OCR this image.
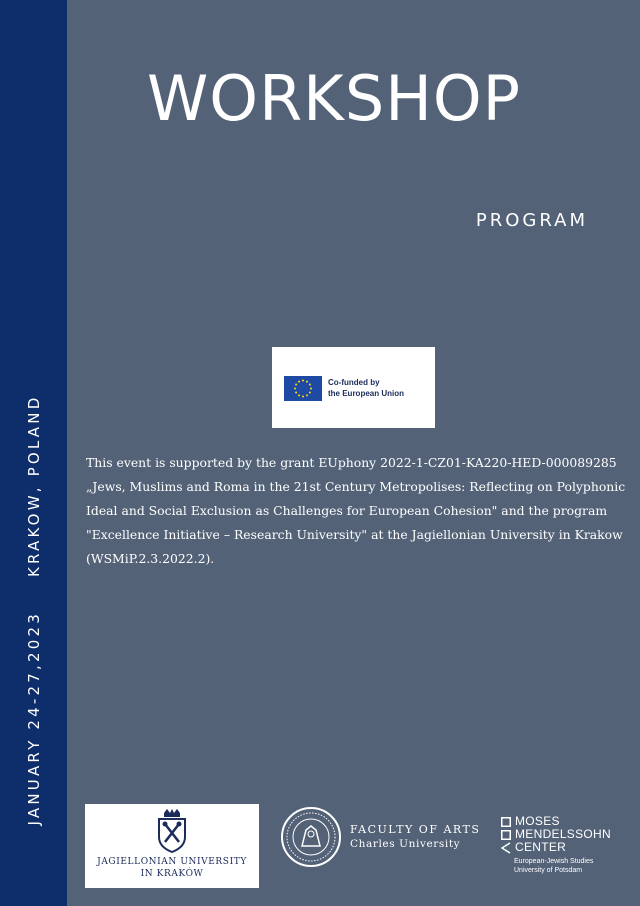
JANUARY 24-27,2023KRAKOW, POLAND
WORKSHOP
PROGRAM
Co-funded by
the European Union

This event is supported by the grant EUphony 2022-1-CZ01-KA220-HED-000089285 „Jews, Muslims and Roma in the 21st Century Metropolises: Reflecting on Polyphonic Ideal and Social Exclusion as Challenges for European Cohesion" and the program "Excellence Initiative – Research University" at the Jagiellonian University in Krakow (WSMiP.2.3.2022.2).

JAGIELLONIAN UNIVERSITY
IN KRAKÓW
FACULTY OF ARTS
Charles University
MOSES
MENDELSSOHN
CENTER
European-Jewish Studies
University of Potsdam
